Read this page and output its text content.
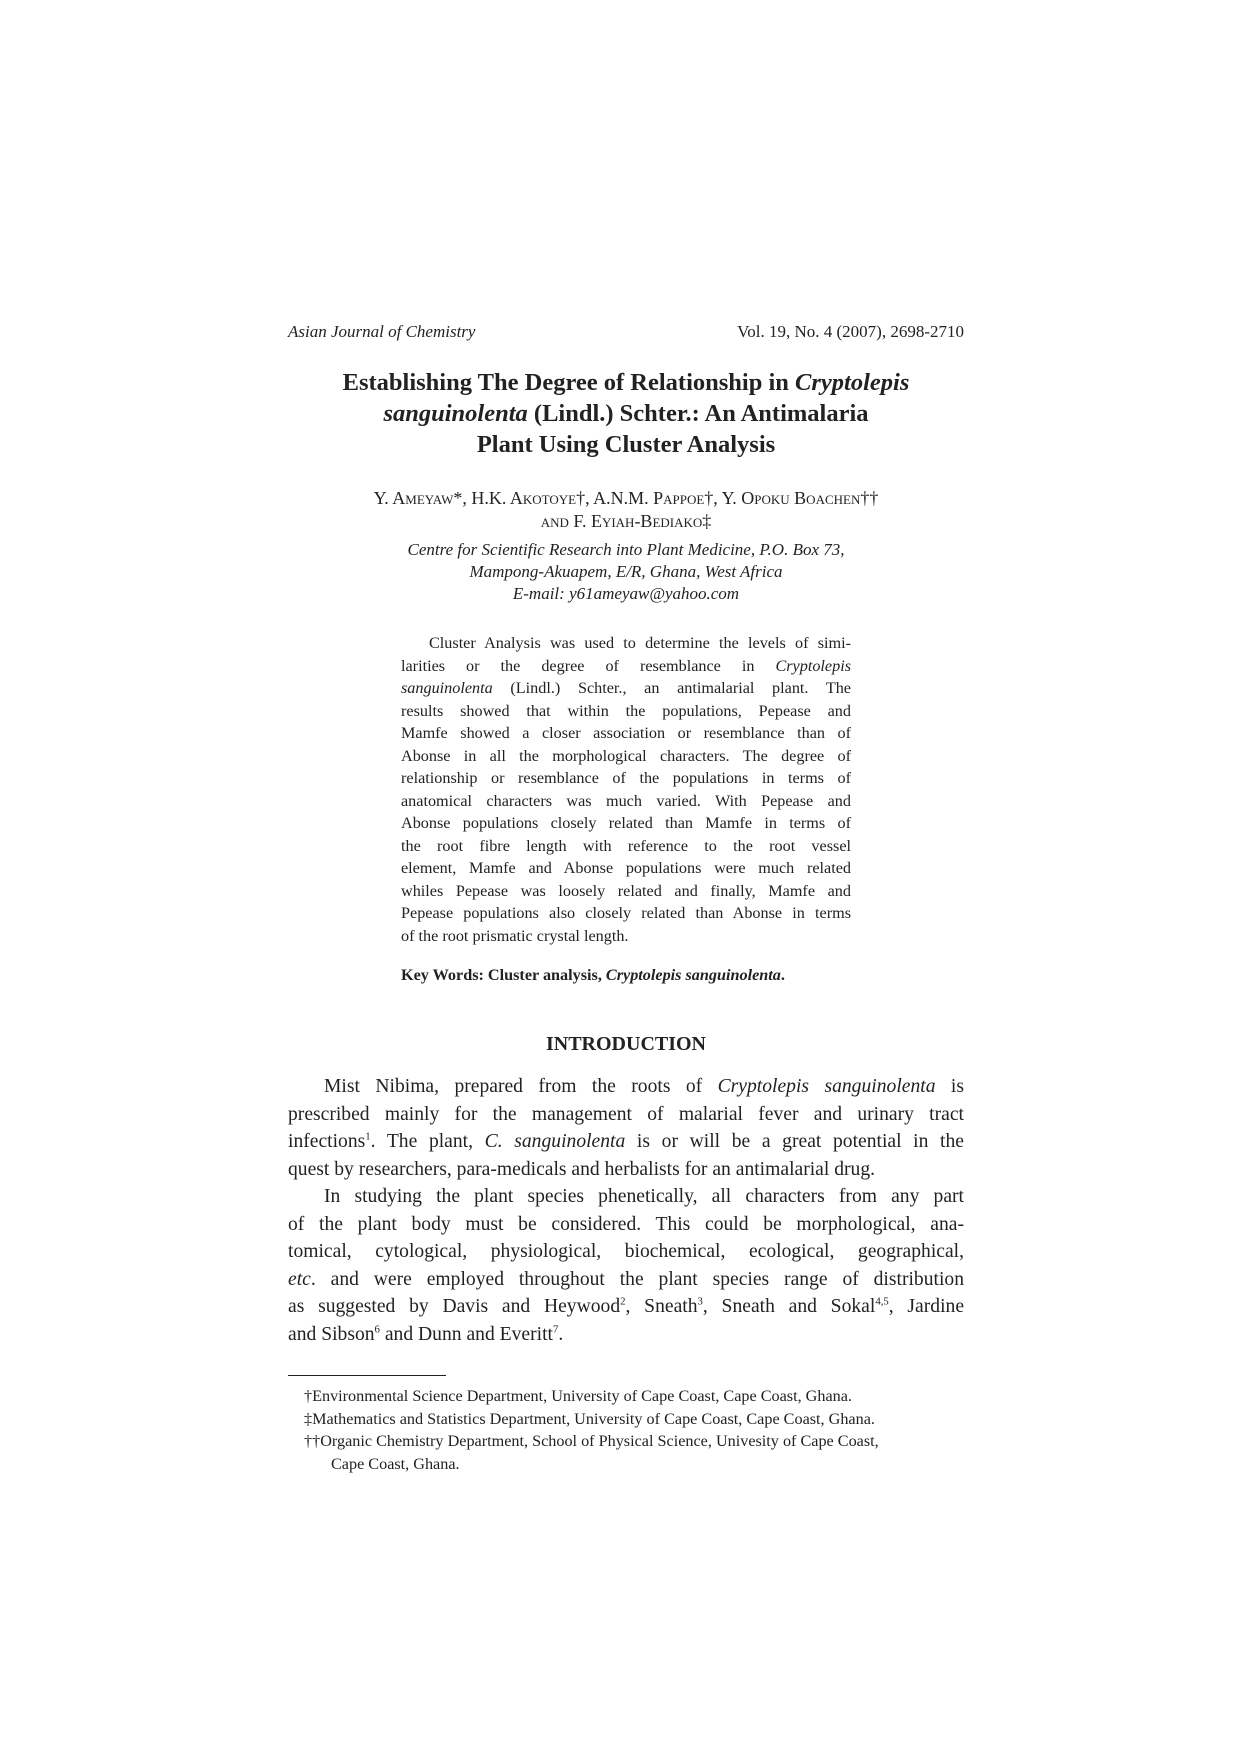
Asian Journal of Chemistry	Vol. 19, No. 4 (2007), 2698-2710
Establishing The Degree of Relationship in Cryptolepis
sanguinolenta (Lindl.) Schter.: An Antimalaria
Plant Using Cluster Analysis
Y. Ameyaw*, H.K. Akotoye†, A.N.M. Pappoe†, Y. Opoku Boachen††
and F. Eyiah-Bediako‡
Centre for Scientific Research into Plant Medicine, P.O. Box 73,
Mampong-Akuapem, E/R, Ghana, West Africa
E-mail: y61ameyaw@yahoo.com
Cluster Analysis was used to determine the levels of simi-
larities or the degree of resemblance in Cryptolepis
sanguinolenta (Lindl.) Schter., an antimalarial plant. The
results showed that within the populations, Pepease and
Mamfe showed a closer association or resemblance than of
Abonse in all the morphological characters. The degree of
relationship or resemblance of the populations in terms of
anatomical characters was much varied. With Pepease and
Abonse populations closely related than Mamfe in terms of
the root fibre length with reference to the root vessel
element, Mamfe and Abonse populations were much related
whiles Pepease was loosely related and finally, Mamfe and
Pepease populations also closely related than Abonse in terms
of the root prismatic crystal length.
Key Words: Cluster analysis, Cryptolepis sanguinolenta.
INTRODUCTION
Mist Nibima, prepared from the roots of Cryptolepis sanguinolenta is
prescribed mainly for the management of malarial fever and urinary tract
infections$^1$. The plant, C. sanguinolenta is or will be a great potential in the
quest by researchers, para-medicals and herbalists for an antimalarial drug.
In studying the plant species phenetically, all characters from any part
of the plant body must be considered. This could be morphological, ana-
tomical, cytological, physiological, biochemical, ecological, geographical,
etc. and were employed throughout the plant species range of distribution
as suggested by Davis and Heywood$^2$, Sneath$^3$, Sneath and Sokal$^{4,5}$, Jardine
and Sibson$^6$ and Dunn and Everitt$^7$.
†Environmental Science Department, University of Cape Coast, Cape Coast, Ghana.
‡Mathematics and Statistics Department, University of Cape Coast, Cape Coast, Ghana.
††Organic Chemistry Department, School of Physical Science, Univesity of Cape Coast,
Cape Coast, Ghana.
